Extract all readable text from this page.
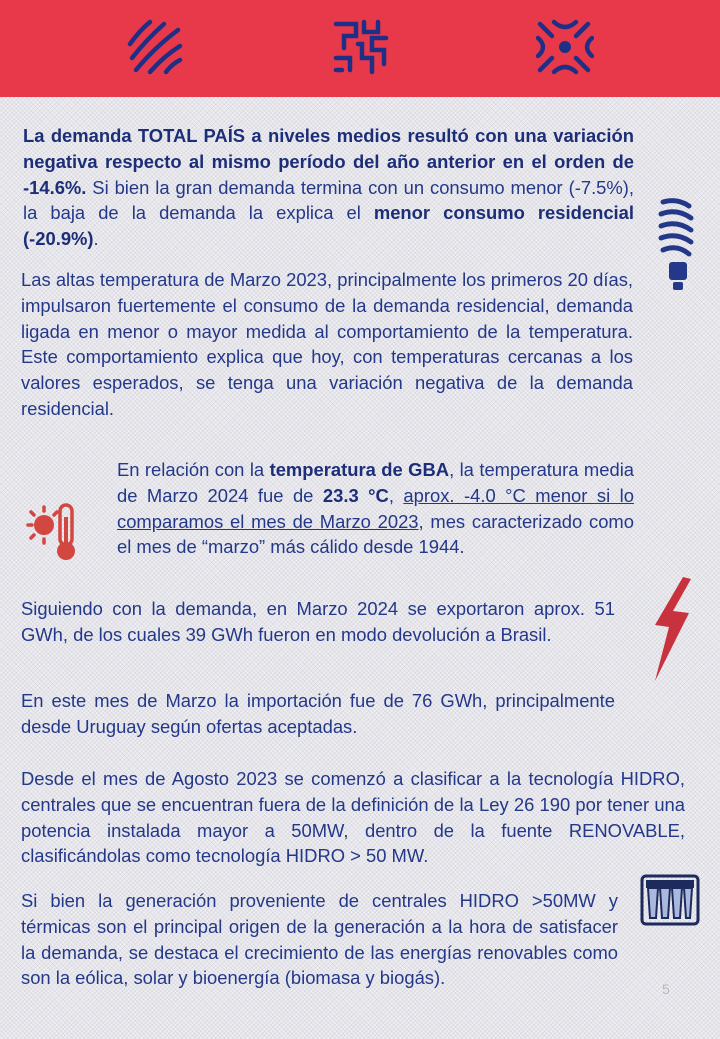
La demanda TOTAL PAÍS a niveles medios resultó con una variación negativa respecto al mismo período del año anterior en el orden de -14.6%. Si bien la gran demanda termina con un consumo menor (-7.5%), la baja de la demanda la explica el menor consumo residencial (-20.9%).

Las altas temperatura de Marzo 2023, principalmente los primeros 20 días, impulsaron fuertemente el consumo de la demanda residencial, demanda ligada en menor o mayor medida al comportamiento de la temperatura. Este comportamiento explica que hoy, con temperaturas cercanas a los valores esperados, se tenga una variación negativa de la demanda residencial.

En relación con la temperatura de GBA, la temperatura media de Marzo 2024 fue de 23.3 °C, aprox. -4.0 °C menor si lo comparamos el mes de Marzo 2023, mes caracterizado como el mes de “marzo” más cálido desde 1944.

Siguiendo con la demanda, en Marzo 2024 se exportaron aprox. 51 GWh, de los cuales 39 GWh fueron en modo devolución a Brasil.

En este mes de Marzo la importación fue de 76 GWh, principalmente desde Uruguay según ofertas aceptadas.

Desde el mes de Agosto 2023 se comenzó a clasificar a la tecnología HIDRO, centrales que se encuentran fuera de la definición de la Ley 26 190 por tener una potencia instalada mayor a 50MW, dentro de la fuente RENOVABLE, clasificándolas como tecnología HIDRO > 50 MW.

Si bien la generación proveniente de centrales HIDRO >50MW y térmicas son el principal origen de la generación a la hora de satisfacer la demanda, se destaca el crecimiento de las energías renovables como son la eólica, solar y bioenergía (biomasa y biogás).

5
